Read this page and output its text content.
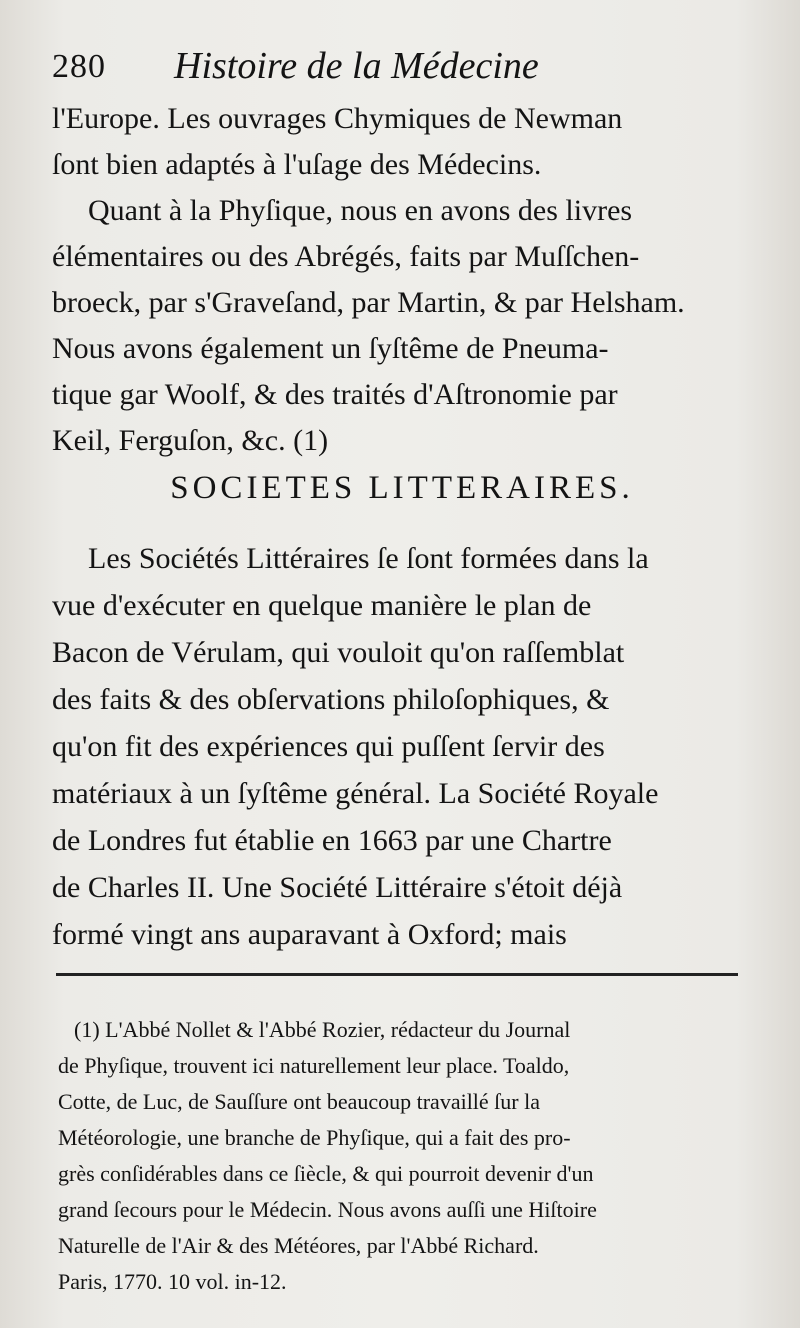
280 Histoire de la Médecine
l'Europe. Les ouvrages Chymiques de Newman
ſont bien adaptés à l'uſage des Médecins.
Quant à la Phyſique, nous en avons des livres
élémentaires ou des Abrégés, faits par Muſſchen-
broeck, par s'Graveſand, par Martin, & par Helsham.
Nous avons également un ſyſtême de Pneuma-
tique gar Woolf, & des traités d'Aſtronomie par
Keil, Ferguſon, &c. (1)
SOCIETES LITTERAIRES.
Les Sociétés Littéraires ſe ſont formées dans la
vue d'exécuter en quelque manière le plan de
Bacon de Vérulam, qui vouloit qu'on raſſemblat
des faits & des obſervations philoſophiques, &
qu'on fit des expériences qui puſſent ſervir des
matériaux à un ſyſtême général. La Société Royale
de Londres fut établie en 1663 par une Chartre
de Charles II. Une Société Littéraire s'étoit déjà
formé vingt ans auparavant à Oxford; mais
(1) L'Abbé Nollet & l'Abbé Rozier, rédacteur du Journal
de Phyſique, trouvent ici naturellement leur place. Toaldo,
Cotte, de Luc, de Sauſſure ont beaucoup travaillé ſur la
Météorologie, une branche de Phyſique, qui a fait des pro-
grès conſidérables dans ce ſiècle, & qui pourroit devenir d'un
grand ſecours pour le Médecin. Nous avons auſſi une Hiſtoire
Naturelle de l'Air & des Météores, par l'Abbé Richard.
Paris, 1770. 10 vol. in-12.
